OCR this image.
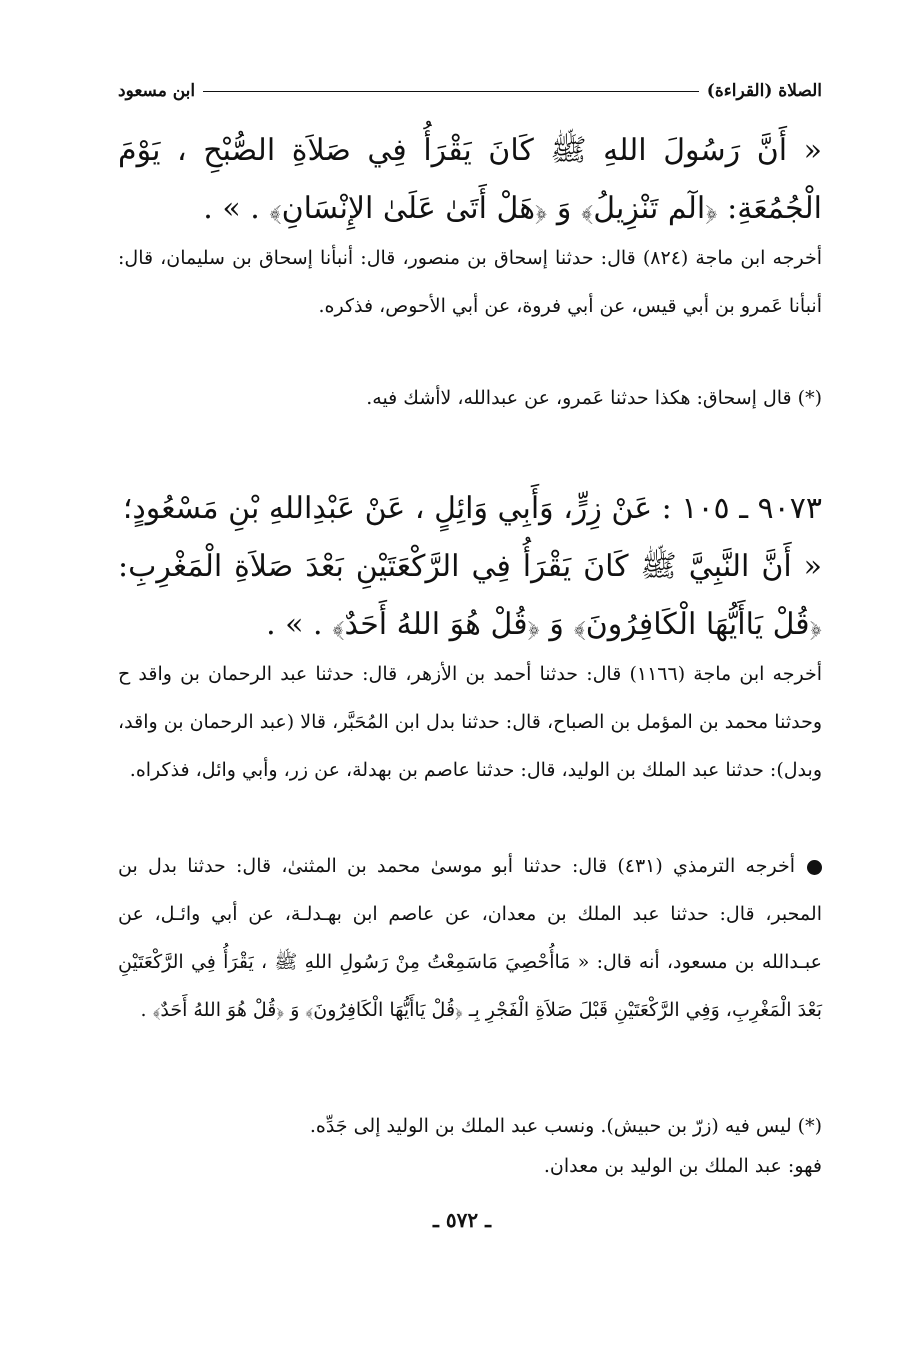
الصلاة (القراءة)
ابن مسعود

« أَنَّ رَسُولَ اللهِ ﷺ كَانَ يَقْرَأُ فِي صَلاَةِ الصُّبْحِ ، يَوْمَ الْجُمُعَةِ: ﴿الٓم تَنْزِيلُ﴾ وَ ﴿هَلْ أَتَىٰ عَلَىٰ الإِنْسَانِ﴾ . » .

أخرجه ابن ماجة (٨٢٤) قال: حدثنا إسحاق بن منصور، قال: أنبأنا إسحاق بن سليمان، قال: أنبأنا عَمرو بن أبي قيس، عن أبي فروة، عن أبي الأحوص، فذكره.

(*) قال إسحاق: هكذا حدثنا عَمرو، عن عبدالله، لاأشك فيه.

٩٠٧٣ ـ ١٠٥ : عَنْ زِرٍّ، وَأَبِي وَائِلٍ ، عَنْ عَبْدِاللهِ بْنِ مَسْعُودٍ؛

« أَنَّ النَّبِيَّ ﷺ كَانَ يَقْرَأُ فِي الرَّكْعَتَيْنِ بَعْدَ صَلاَةِ الْمَغْرِبِ: ﴿قُلْ يَاأَيُّهَا الْكَافِرُونَ﴾ وَ ﴿قُلْ هُوَ اللهُ أَحَدٌ﴾ . » .

أخرجه ابن ماجة (١١٦٦) قال: حدثنا أحمد بن الأزهر، قال: حدثنا عبد الرحمان بن واقد ح وحدثنا محمد بن المؤمل بن الصباح، قال: حدثنا بدل ابن المُحَبَّر، قالا (عبد الرحمان بن واقد، وبدل): حدثنا عبد الملك بن الوليد، قال: حدثنا عاصم بن بهدلة، عن زر، وأبي وائل، فذكراه.

أخرجه الترمذي (٤٣١) قال: حدثنا أبو موسىٰ محمد بن المثنىٰ، قال: حدثنا بدل بن المحبر، قال: حدثنا عبد الملك بن معدان، عن عاصم ابن بهـدلـة، عن أبي وائـل، عن عبـدالله بن مسعود، أنه قال: « مَاأُحْصِيَ مَاسَمِعْتُ مِنْ رَسُولِ اللهِ ﷺ ، يَقْرَأُ فِي الرَّكْعَتَيْنِ بَعْدَ الْمَغْرِبِ، وَفِي الرَّكْعَتَيْنِ قَبْلَ صَلاَةِ الْفَجْرِ بِـ ﴿قُلْ يَاأَيُّهَا الْكَافِرُونَ﴾ وَ ﴿قُلْ هُوَ اللهُ أَحَدٌ﴾ .

(*) ليس فيه (زرّ بن حبيش). ونسب عبد الملك بن الوليد إلى جَدِّه.

فهو: عبد الملك بن الوليد بن معدان.

ـ ٥٧٢ ـ
